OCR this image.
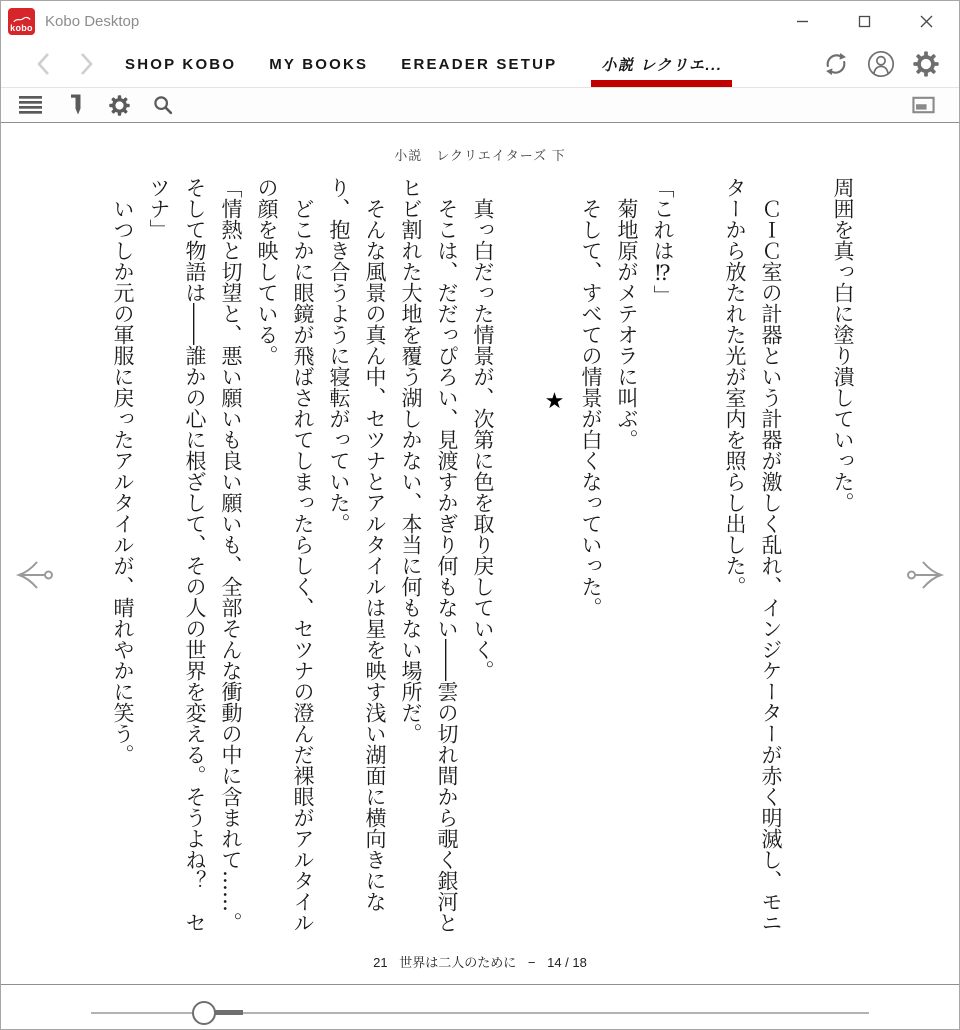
kobo Kobo Desktop
SHOP KOBO MY BOOKS EREADER SETUP	小説 レクリエ...
小説　レクリエイターズ 下
周囲を真っ白に塗り潰していった。
　ＣＩＣ室の計器という計器が激しく乱れ、インジケーターが赤く明滅し、モニ
ターから放たれた光が室内を照らし出した。
「これは⁉」
　菊地原がメテオラに叫ぶ。
　そして、すべての情景が白くなっていった。
★
　真っ白だった情景が、次第に色を取り戻していく。
　そこは、だだっぴろい、見渡すかぎり何もない――雲の切れ間から覗く銀河と
ヒビ割れた大地を覆う湖しかない、本当に何もない場所だ。
　そんな風景の真ん中、セツナとアルタイルは星を映す浅い湖面に横向きにな
り、抱き合うように寝転がっていた。
　どこかに眼鏡が飛ばされてしまったらしく、セツナの澄んだ裸眼がアルタイル
の顔を映している。
「情熱と切望と、悪い願いも良い願いも、全部そんな衝動の中に含まれて……。
そして物語は――誰かの心に根ざして、その人の世界を変える。そうよね？　セ
ツナ」
　いつしか元の軍服に戻ったアルタイルが、晴れやかに笑う。
21 世界は二人のために − 14 / 18
